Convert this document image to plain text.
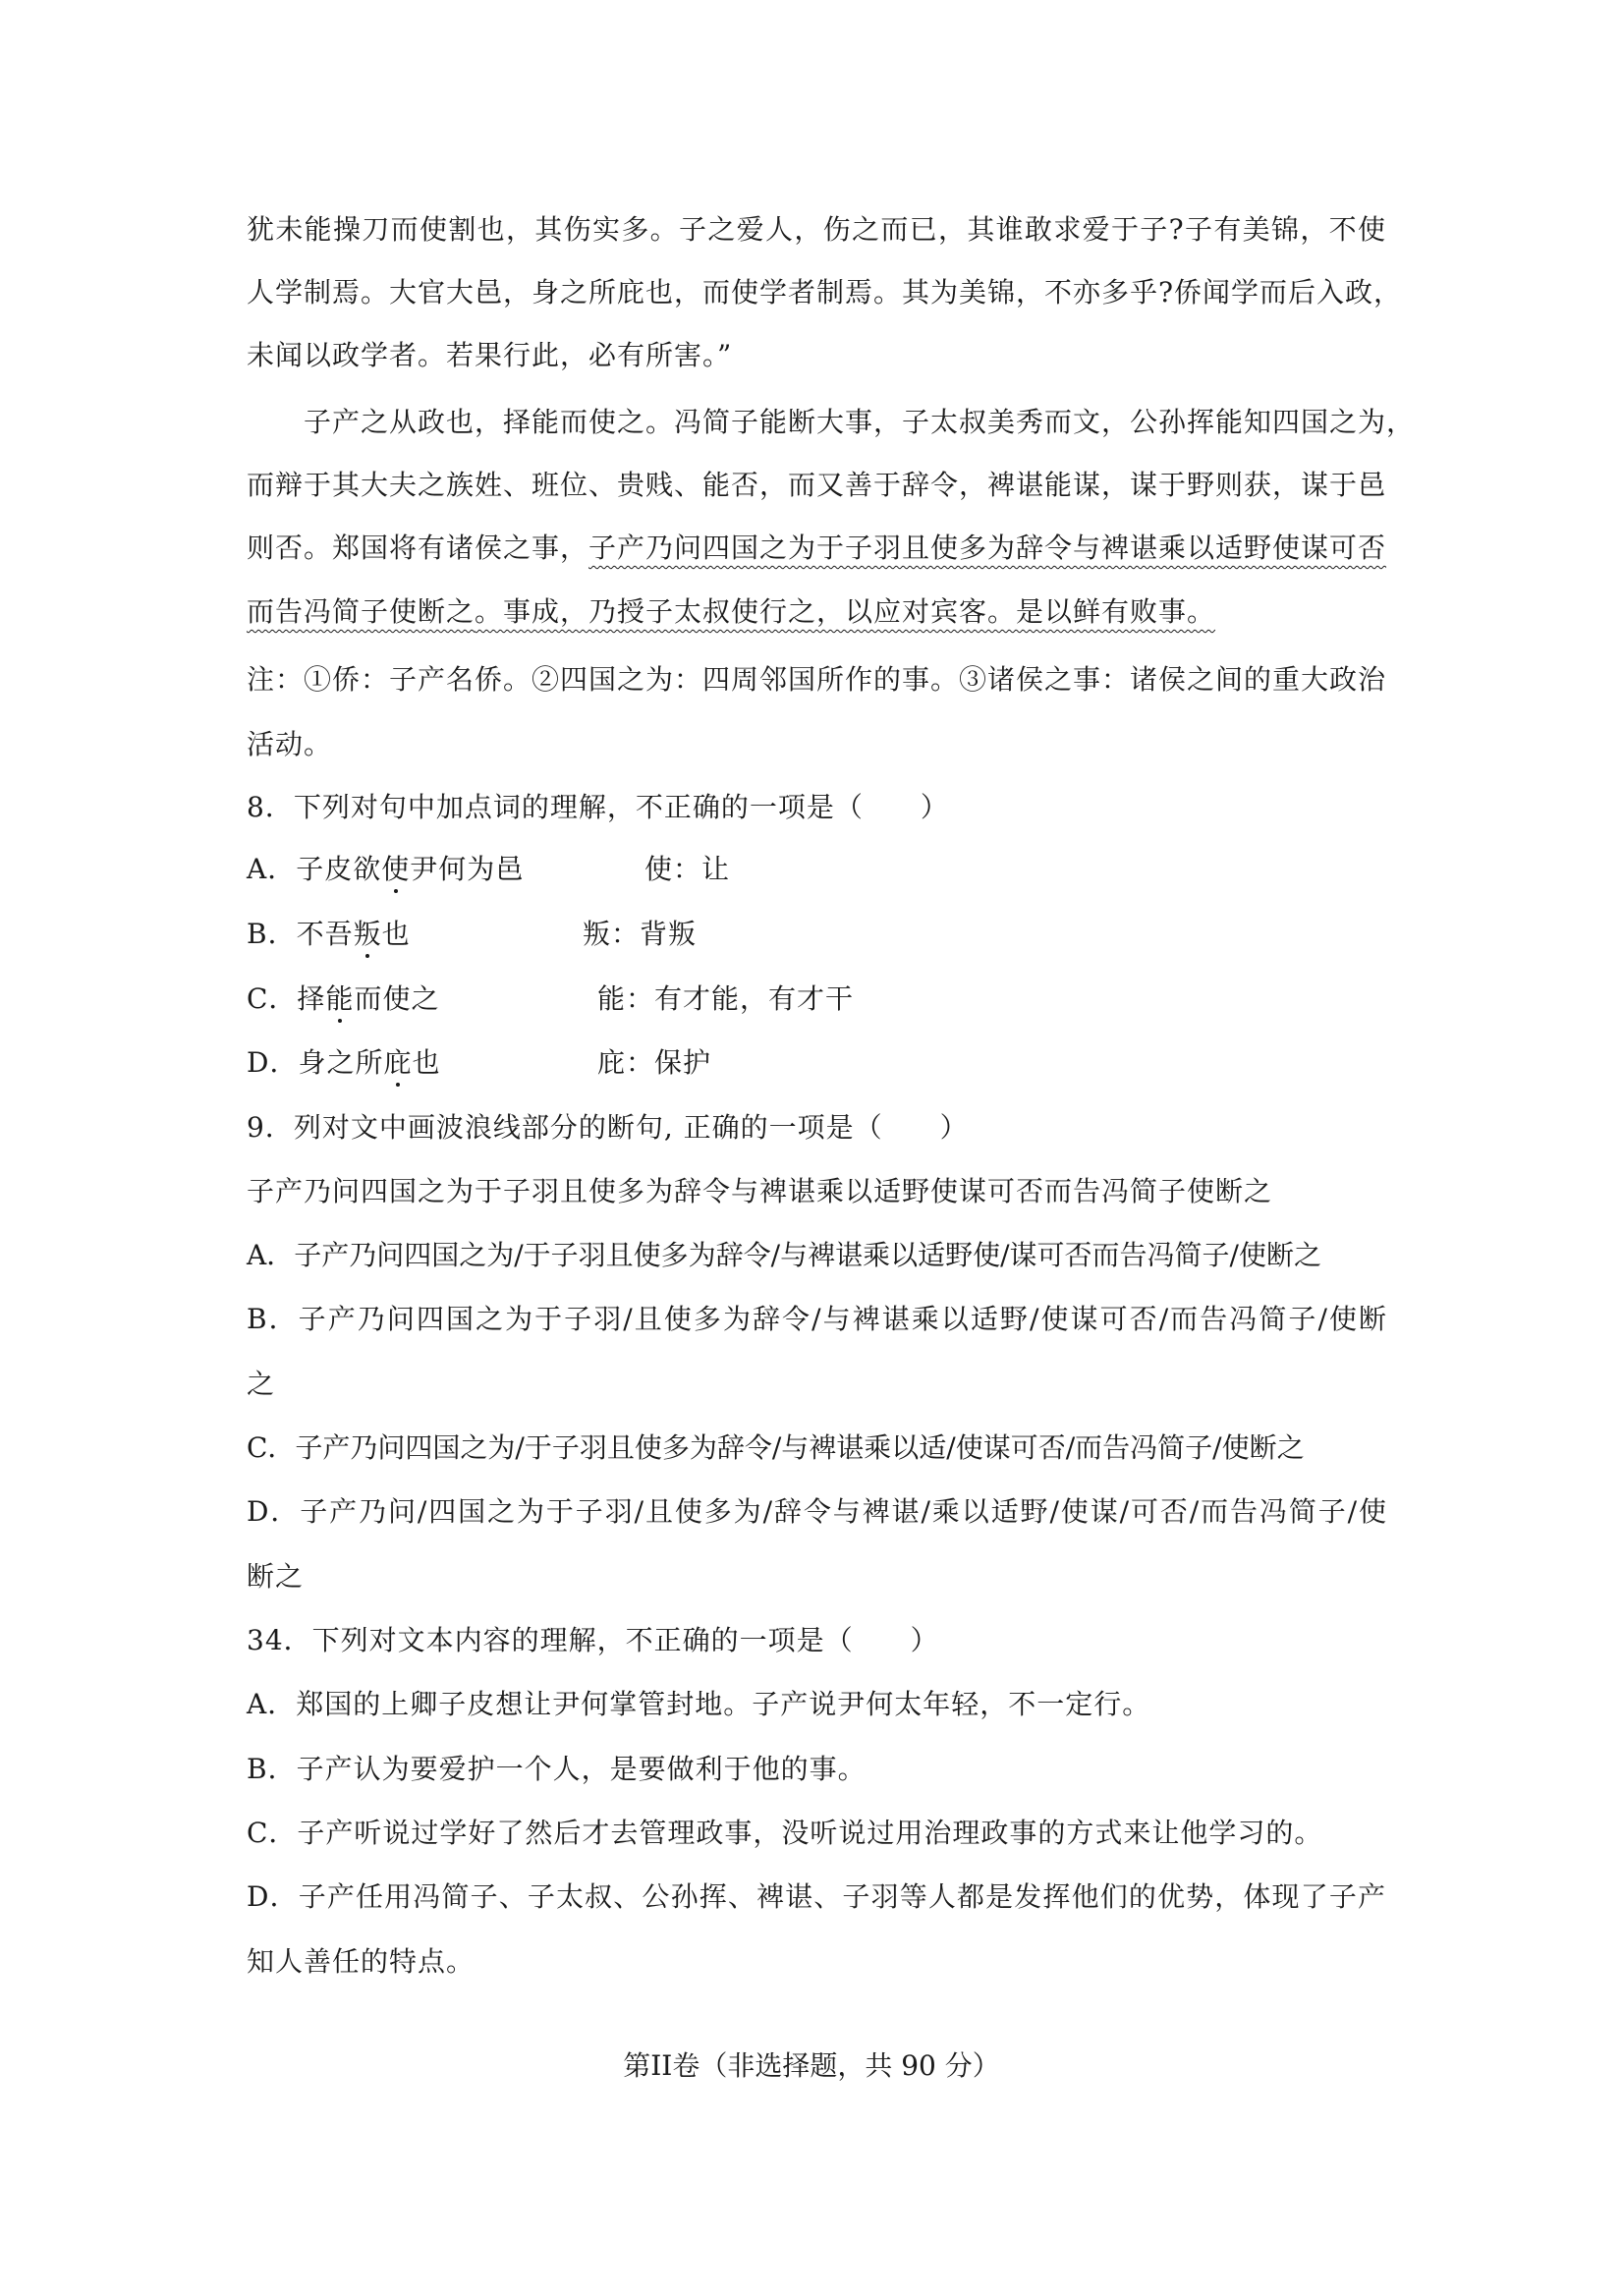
犹未能操刀而使割也，其伤实多。子之爱人，伤之而已，其谁敢求爱于子?子有美锦，不使
人学制焉。大官大邑，身之所庇也，而使学者制焉。其为美锦，不亦多乎?侨闻学而后入政，
未闻以政学者。若果行此，必有所害。”
子产之从政也，择能而使之。冯简子能断大事，子太叔美秀而文，公孙挥能知四国之为，
而辩于其大夫之族姓、班位、贵贱、能否，而又善于辞令，裨谌能谋，谋于野则获，谋于邑
则否。郑国将有诸侯之事，子产乃问四国之为于子羽且使多为辞令与裨谌乘以适野使谋可否
而告冯简子使断之。事成，乃授子太叔使行之，以应对宾客。是以鲜有败事。
注：①侨：子产名侨。②四国之为：四周邻国所作的事。③诸侯之事：诸侯之间的重大政治
活动。
8．下列对句中加点词的理解，不正确的一项是（　　）
A．子皮欲使尹何为邑	使：让
B．不吾叛也	叛：背叛
C．择能而使之	能：有才能，有才干
D．身之所庇也	庇：保护
9．列对文中画波浪线部分的断句, 正确的一项是（　　）
子产乃问四国之为于子羽且使多为辞令与裨谌乘以适野使谋可否而告冯简子使断之
A．子产乃问四国之为/于子羽且使多为辞令/与裨谌乘以适野使/谋可否而告冯简子/使断之
B．子产乃问四国之为于子羽/且使多为辞令/与裨谌乘以适野/使谋可否/而告冯简子/使断
之
C．子产乃问四国之为/于子羽且使多为辞令/与裨谌乘以适/使谋可否/而告冯简子/使断之
D．子产乃问/四国之为于子羽/且使多为/辞令与裨谌/乘以适野/使谋/可否/而告冯简子/使
断之
34．下列对文本内容的理解，不正确的一项是（　　）
A．郑国的上卿子皮想让尹何掌管封地。子产说尹何太年轻，不一定行。
B．子产认为要爱护一个人，是要做利于他的事。
C．子产听说过学好了然后才去管理政事，没听说过用治理政事的方式来让他学习的。
D．子产任用冯简子、子太叔、公孙挥、裨谌、子羽等人都是发挥他们的优势，体现了子产
知人善任的特点。
第II卷（非选择题，共 90 分）
